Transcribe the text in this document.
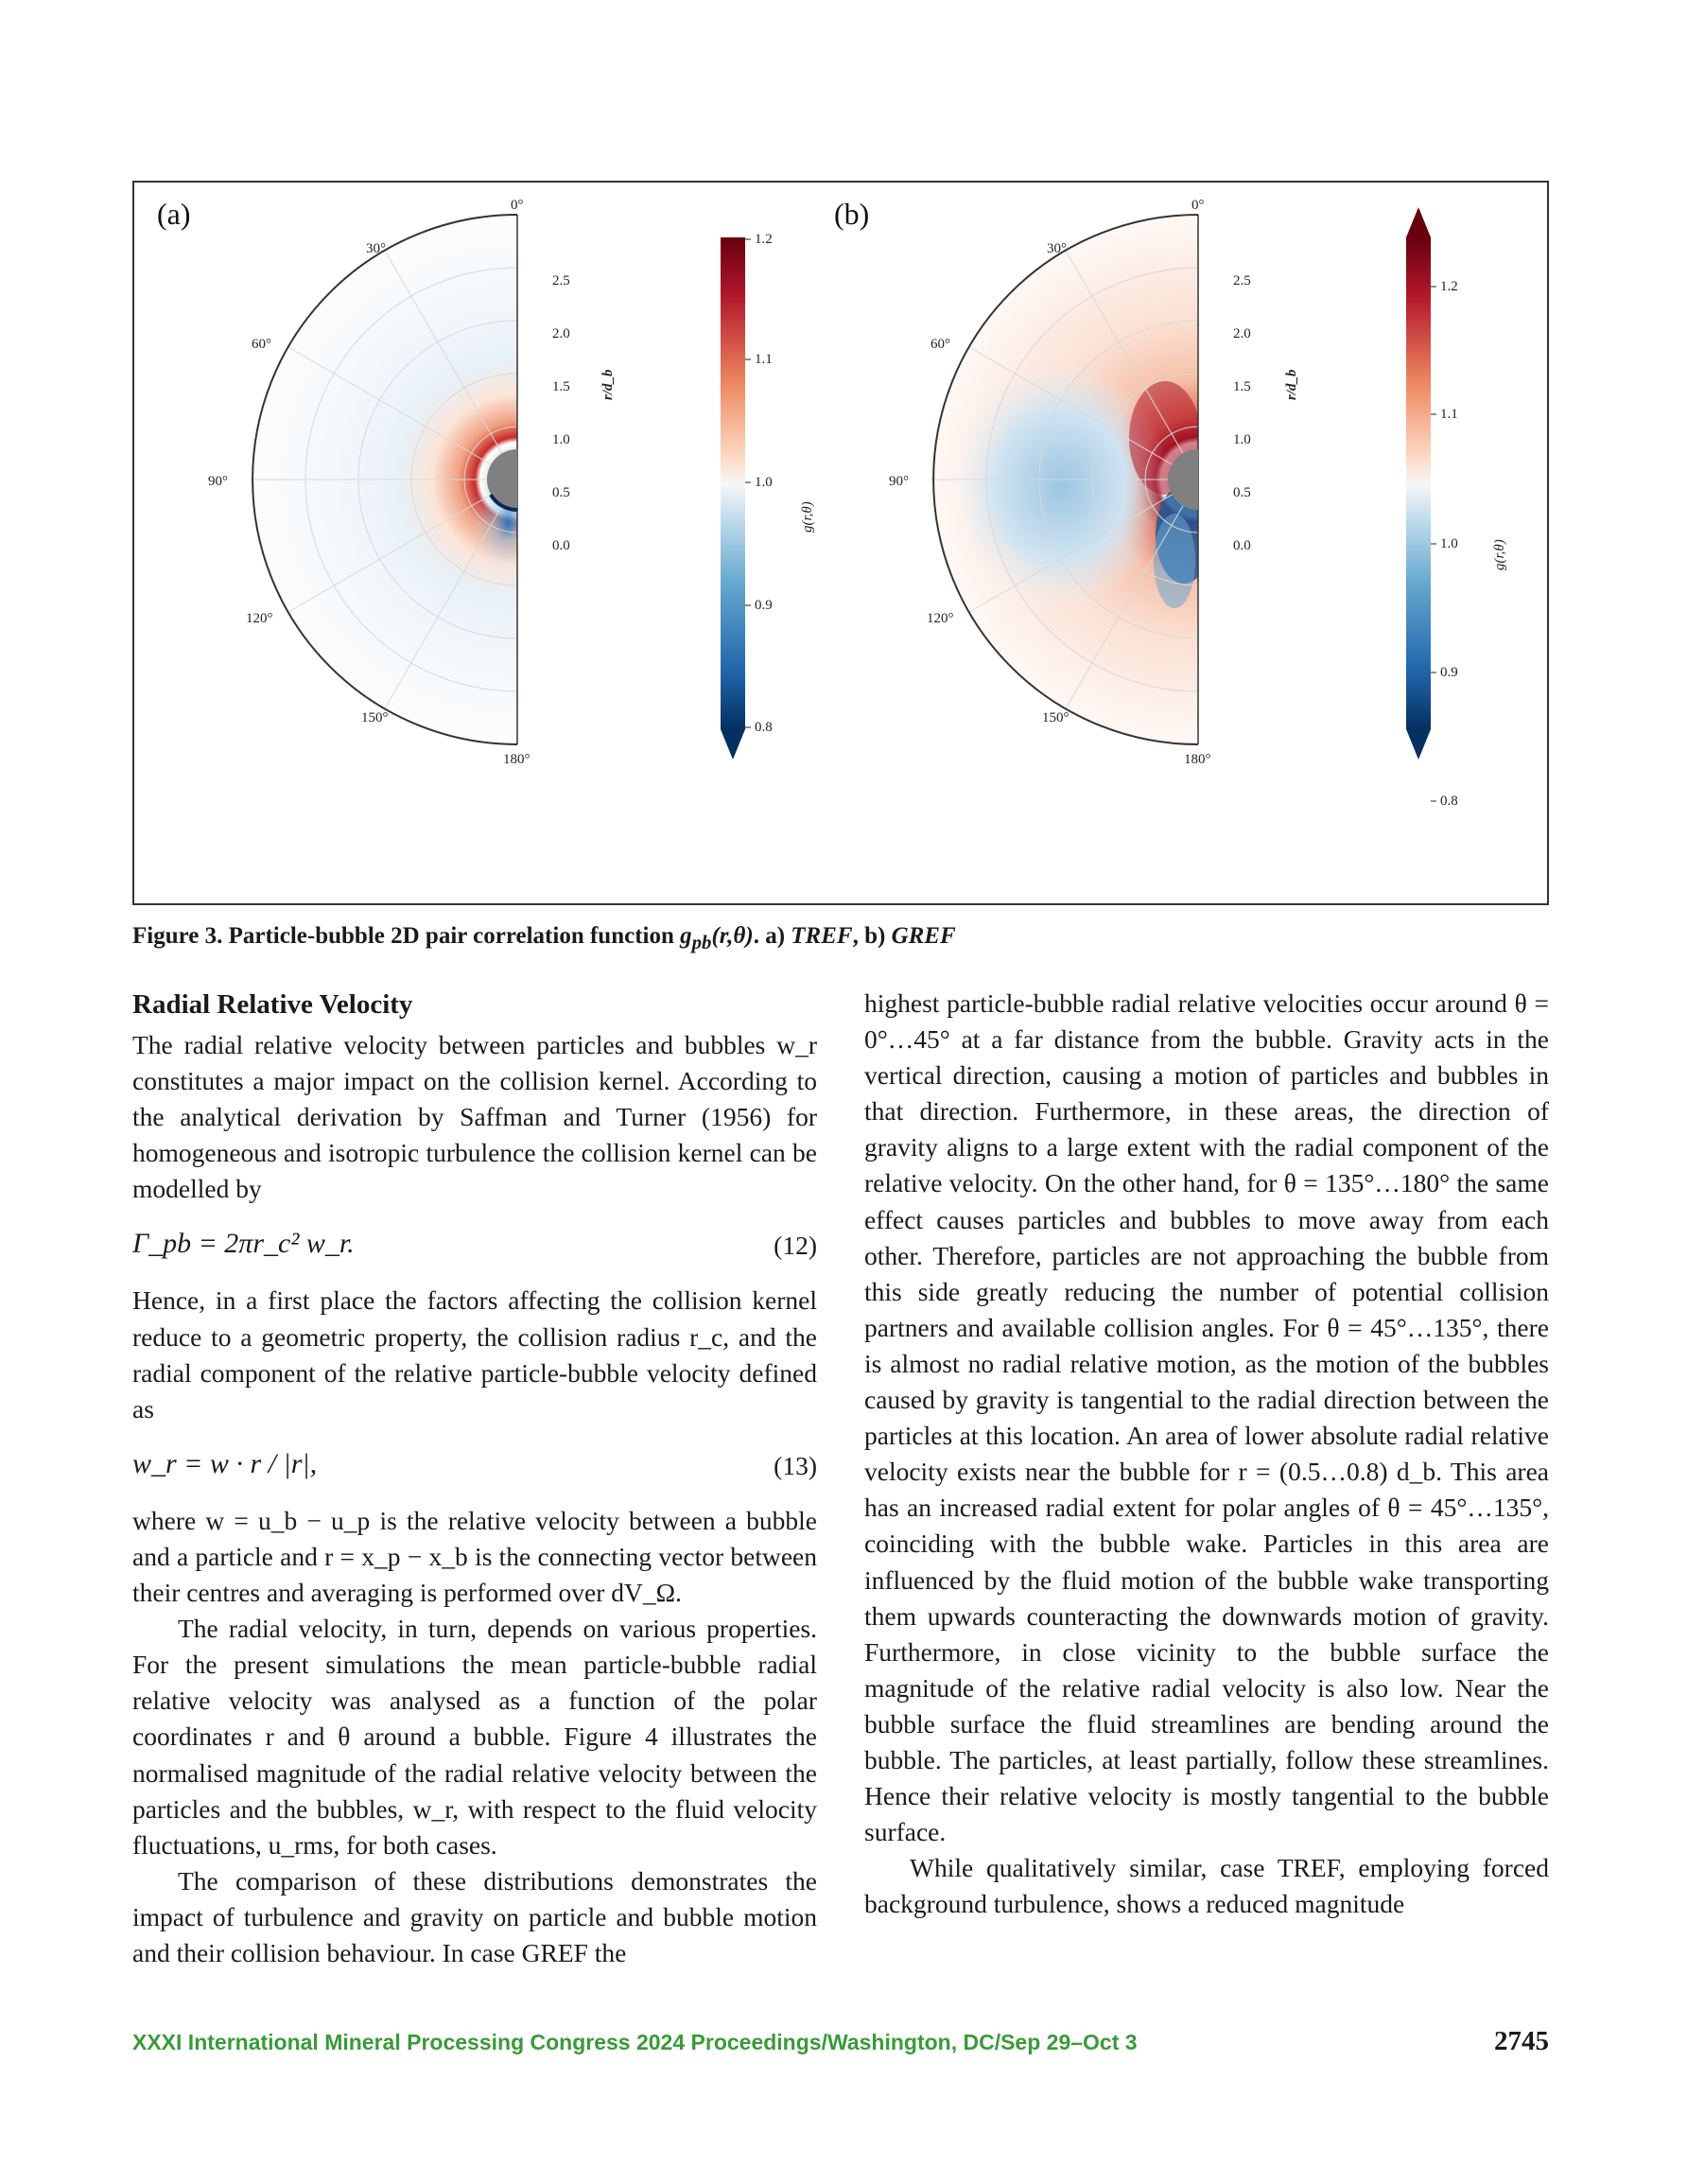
(a)	0°
30°
60°
90°
120°
150°
180°
2.5
2.0
1.5
1.0
0.5
0.0
r/d_b
1.2
1.1
1.0
0.9
0.8
g(r,θ)
(b)	0°
30°
60°
90°
120°
150°
180°
2.5
2.0
1.5
1.0
0.5
0.0
r/d_b
1.2
1.1
1.0
0.9
0.8
g(r,θ)
Figure 3. Particle-bubble 2D pair correlation function $g_{pb}(r,\theta)$. a) TREF, b) GREF
Radial Relative Velocity

The radial relative velocity between particles and bubbles w_r constitutes a major impact on the collision kernel. According to the analytical derivation by Saffman and Turner (1956) for homogeneous and isotropic turbulence the collision kernel can be modelled by

Γ_pb = 2πr_c² w_r.	(12)

Hence, in a first place the factors affecting the collision kernel reduce to a geometric property, the collision radius r_c, and the radial component of the relative particle-bubble velocity defined as

w_r = w · r / |r|,	(13)

where w = u_b − u_p is the relative velocity between a bubble and a particle and r = x_p − x_b is the connecting vector between their centres and averaging is performed over dV_Ω.

The radial velocity, in turn, depends on various properties. For the present simulations the mean particle-bubble radial relative velocity was analysed as a function of the polar coordinates r and θ around a bubble. Figure 4 illustrates the normalised magnitude of the radial relative velocity between the particles and the bubbles, w_r, with respect to the fluid velocity fluctuations, u_rms, for both cases.

The comparison of these distributions demonstrates the impact of turbulence and gravity on particle and bubble motion and their collision behaviour. In case GREF the

highest particle-bubble radial relative velocities occur around θ = 0°…45° at a far distance from the bubble. Gravity acts in the vertical direction, causing a motion of particles and bubbles in that direction. Furthermore, in these areas, the direction of gravity aligns to a large extent with the radial component of the relative velocity. On the other hand, for θ = 135°…180° the same effect causes particles and bubbles to move away from each other. Therefore, particles are not approaching the bubble from this side greatly reducing the number of potential collision partners and available collision angles. For θ = 45°…135°, there is almost no radial relative motion, as the motion of the bubbles caused by gravity is tangential to the radial direction between the particles at this location. An area of lower absolute radial relative velocity exists near the bubble for r = (0.5…0.8) d_b. This area has an increased radial extent for polar angles of θ = 45°…135°, coinciding with the bubble wake. Particles in this area are influenced by the fluid motion of the bubble wake transporting them upwards counteracting the downwards motion of gravity. Furthermore, in close vicinity to the bubble surface the magnitude of the relative radial velocity is also low. Near the bubble surface the fluid streamlines are bending around the bubble. The particles, at least partially, follow these streamlines. Hence their relative velocity is mostly tangential to the bubble surface.

While qualitatively similar, case TREF, employing forced background turbulence, shows a reduced magnitude

XXXI International Mineral Processing Congress 2024 Proceedings/Washington, DC/Sep 29–Oct 3	2745
